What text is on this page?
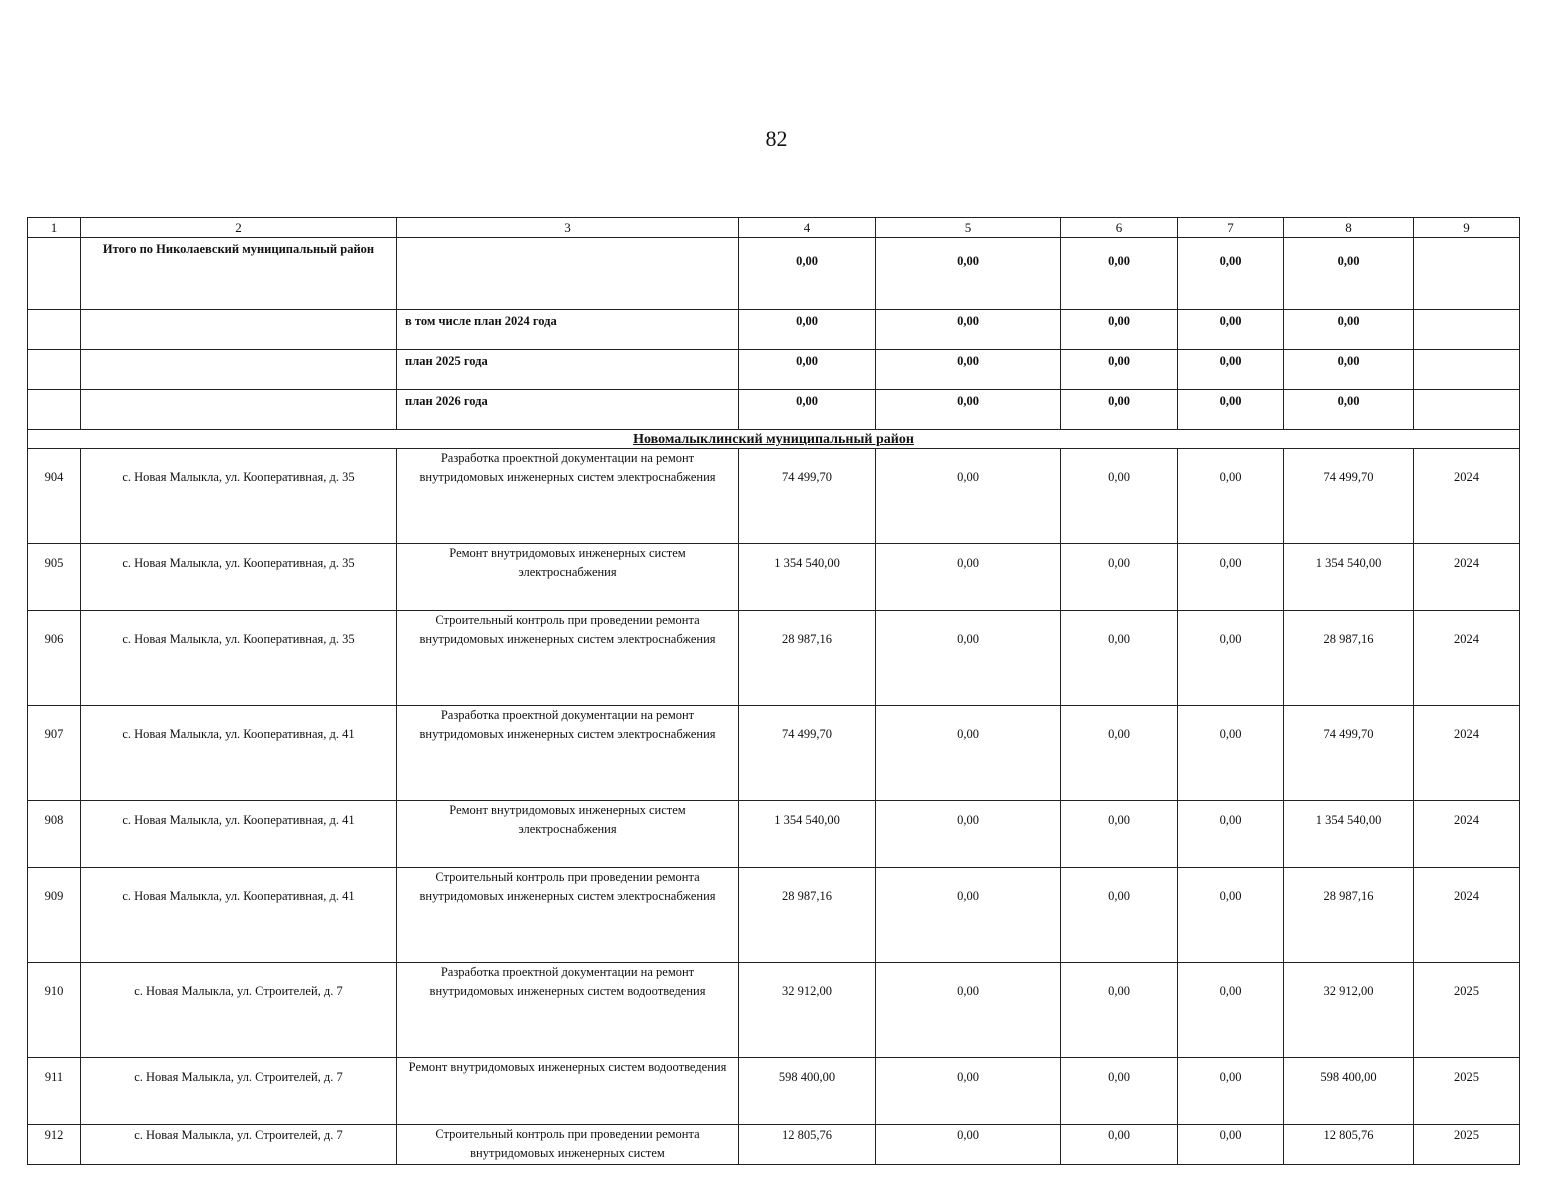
82
1	2	3	4	5	6	7	8	9
	Итого по Николаевский муниципальный район		0,00	0,00	0,00	0,00	0,00	
		в том числе план 2024 года	0,00	0,00	0,00	0,00	0,00	
		план 2025 года	0,00	0,00	0,00	0,00	0,00	
		план 2026 года	0,00	0,00	0,00	0,00	0,00	
Новомалыклинский муниципальный район								
904	с. Новая Малыкла, ул. Кооперативная, д. 35	Разработка проектной документации на ремонт внутридомовых инженерных систем электроснабжения	74 499,70	0,00	0,00	0,00	74 499,70	2024
905	с. Новая Малыкла, ул. Кооперативная, д. 35	Ремонт внутридомовых инженерных систем электроснабжения	1 354 540,00	0,00	0,00	0,00	1 354 540,00	2024
906	с. Новая Малыкла, ул. Кооперативная, д. 35	Строительный контроль при проведении ремонта внутридомовых инженерных систем электроснабжения	28 987,16	0,00	0,00	0,00	28 987,16	2024
907	с. Новая Малыкла, ул. Кооперативная, д. 41	Разработка проектной документации на ремонт внутридомовых инженерных систем электроснабжения	74 499,70	0,00	0,00	0,00	74 499,70	2024
908	с. Новая Малыкла, ул. Кооперативная, д. 41	Ремонт внутридомовых инженерных систем электроснабжения	1 354 540,00	0,00	0,00	0,00	1 354 540,00	2024
909	с. Новая Малыкла, ул. Кооперативная, д. 41	Строительный контроль при проведении ремонта внутридомовых инженерных систем электроснабжения	28 987,16	0,00	0,00	0,00	28 987,16	2024
910	с. Новая Малыкла, ул. Строителей, д. 7	Разработка проектной документации на ремонт внутридомовых инженерных систем водоотведения	32 912,00	0,00	0,00	0,00	32 912,00	2025
911	с. Новая Малыкла, ул. Строителей, д. 7	Ремонт внутридомовых инженерных систем водоотведения	598 400,00	0,00	0,00	0,00	598 400,00	2025
912	с. Новая Малыкла, ул. Строителей, д. 7	Строительный контроль при проведении ремонта внутридомовых инженерных систем	12 805,76	0,00	0,00	0,00	12 805,76	2025
